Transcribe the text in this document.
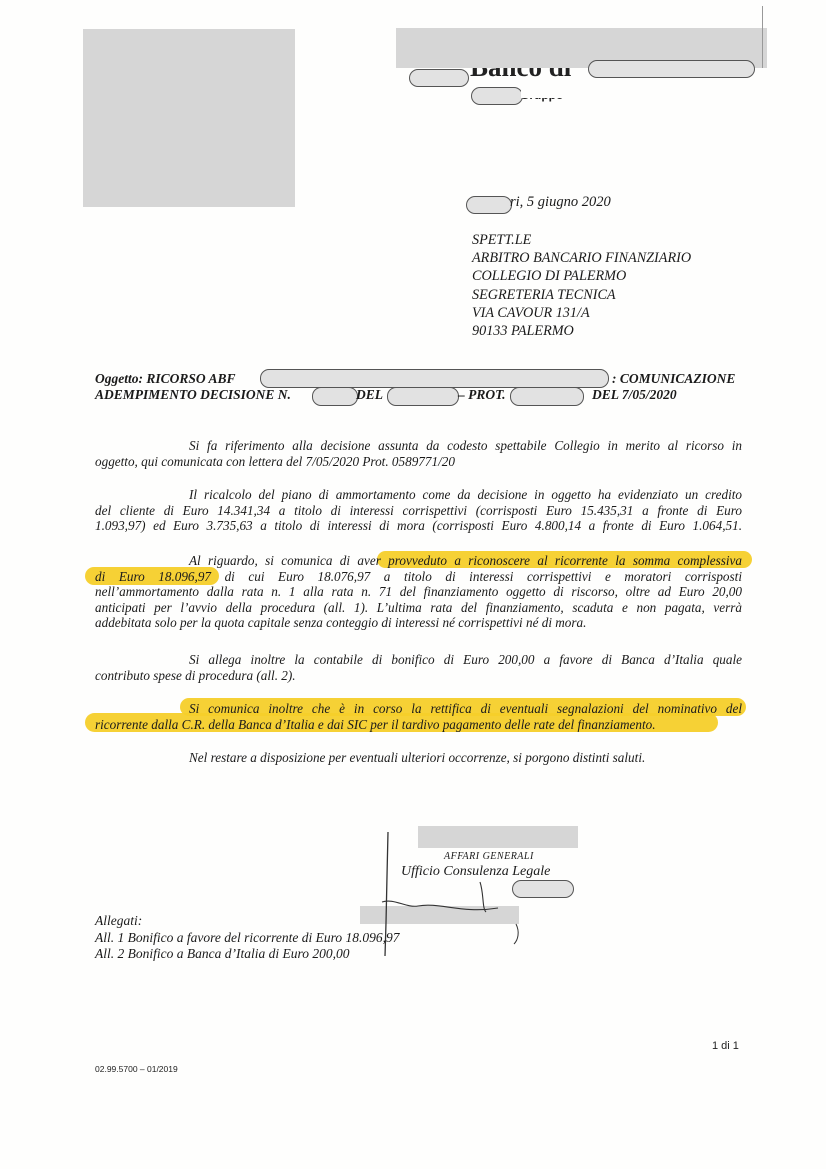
ri, 5 giugno 2020
SPETT.LE
ARBITRO BANCARIO FINANZIARIO
COLLEGIO DI PALERMO
SEGRETERIA TECNICA
VIA CAVOUR 131/A
90133 PALERMO
Oggetto: RICORSO ABF	: COMUNICAZIONE
ADEMPIMENTO DECISIONE N.	DEL	– PROT.	DEL 7/05/2020
Si fa riferimento alla decisione assunta da codesto spettabile Collegio in merito al ricorso in
oggetto, qui comunicata con lettera del 7/05/2020 Prot. 0589771/20
Il ricalcolo del piano di ammortamento come da decisione in oggetto ha evidenziato un credito
del cliente di Euro 14.341,34 a titolo di interessi corrispettivi (corrisposti Euro 15.435,31 a fronte di Euro
1.093,97) ed Euro 3.735,63 a titolo di interessi di mora (corrisposti Euro 4.800,14 a fronte di Euro 1.064,51.
Al riguardo, si comunica di aver provveduto a riconoscere al ricorrente la somma complessiva
di Euro 18.096,97 di cui Euro 18.076,97 a titolo di interessi corrispettivi e moratori corrisposti
nell’ammortamento dalla rata n. 1 alla rata n. 71 del finanziamento oggetto di riscorso, oltre ad Euro 20,00
anticipati per l’avvio della procedura (all. 1). L’ultima rata del finanziamento, scaduta e non pagata, verrà
addebitata solo per la quota capitale senza conteggio di interessi né corrispettivi né di mora.
Si allega inoltre la contabile di bonifico di Euro 200,00 a favore di Banca d’Italia quale
contributo spese di procedura (all. 2).
Si comunica inoltre che è in corso la rettifica di eventuali segnalazioni del nominativo del
ricorrente dalla C.R. della Banca d’Italia e dai SIC per il tardivo pagamento delle rate del finanziamento.
Nel restare a disposizione per eventuali ulteriori occorrenze, si porgono distinti saluti.
AFFARI GENERALI
Ufficio Consulenza Legale
Allegati:
All. 1 Bonifico a favore del ricorrente di Euro 18.096,97
All. 2 Bonifico a Banca d’Italia di Euro 200,00
1 di 1
02.99.5700 – 01/2019
